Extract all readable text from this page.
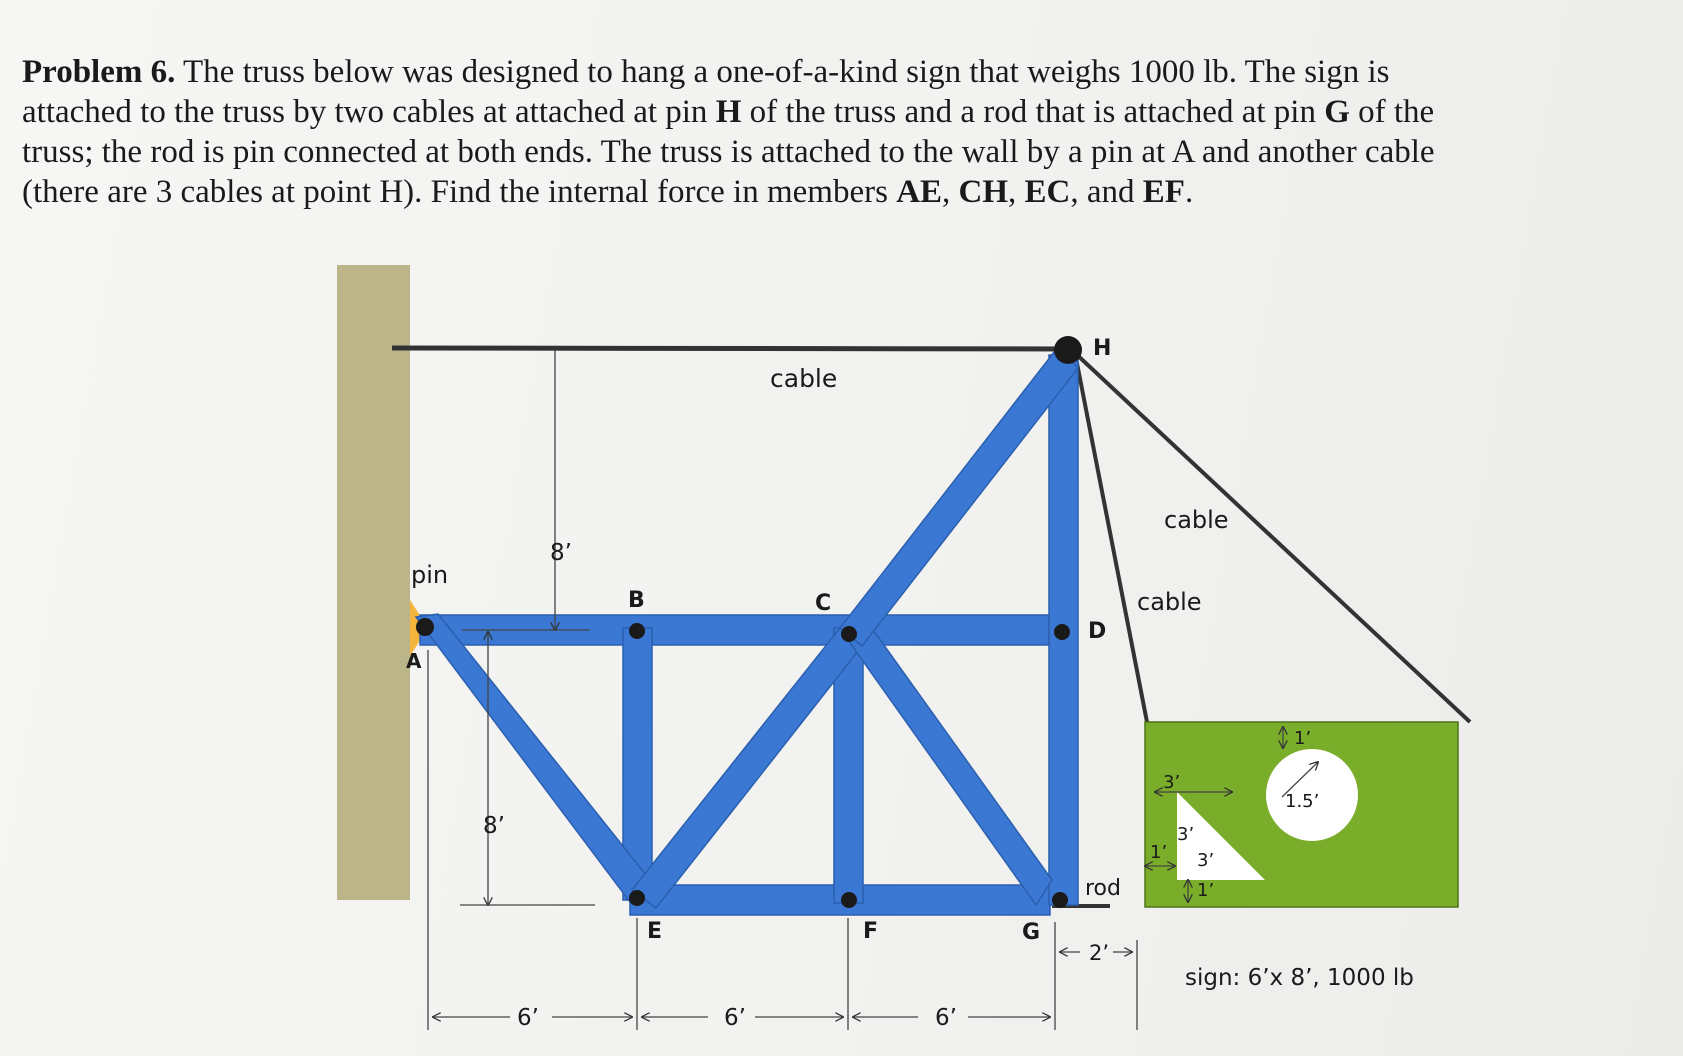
Problem 6. The truss below was designed to hang a one-of-a-kind sign that weighs 1000 lb. The sign is attached to the truss by two cables at attached at pin H of the truss and a rod that is attached at pin G of the truss; the rod is pin connected at both ends. The truss is attached to the wall by a pin at A and another cable (there are 3 cables at point H). Find the internal force in members AE, CH, EC, and EF.

pin
A
B	C
D
E	F	G
H
cable
cable
cable
rod
sign: 6’x 8’, 1000 lb
8’
8’
6’	6’	6’
2’
3’
3’
3’
1’
1’
1’
1.5’
